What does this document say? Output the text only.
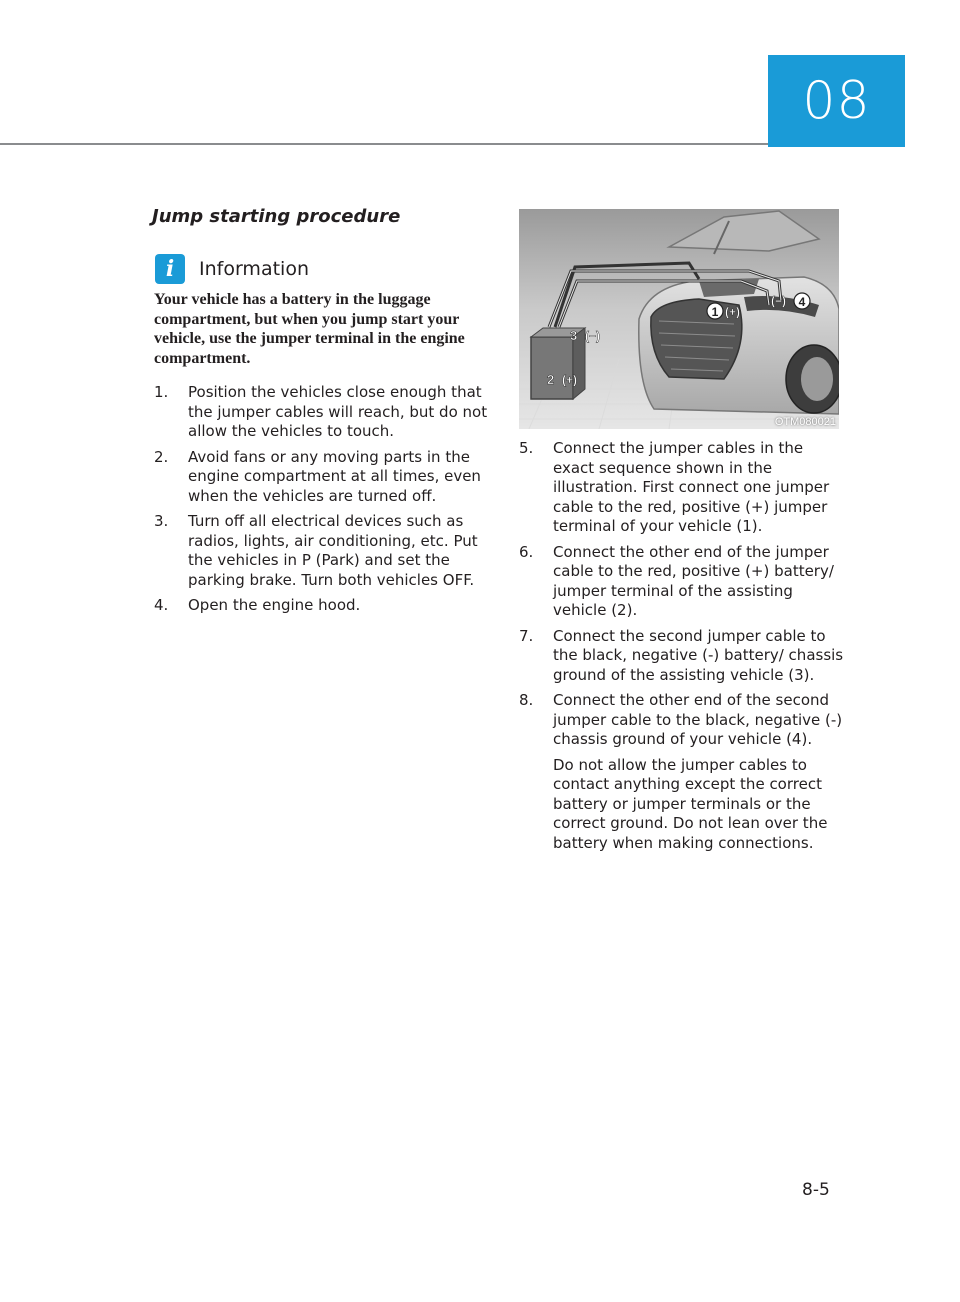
08
Jump starting procedure
i	Information
Your vehicle has a battery in the luggage compartment, but when you jump start your vehicle, use the jumper terminal in the engine compartment.
1. Position the vehicles close enough that the jumper cables will reach, but do not allow the vehicles to touch.
2. Avoid fans or any moving parts in the engine compartment at all times, even when the vehicles are turned off.
3. Turn off all electrical devices such as radios, lights, air conditioning, etc. Put the vehicles in P (Park) and set the parking brake. Turn both vehicles OFF.
4. Open the engine hood.
1 (+)
(−) 4
3 (−)
2 (+)
OTM080021
5. Connect the jumper cables in the exact sequence shown in the illustration. First connect one jumper cable to the red, positive (+) jumper terminal of your vehicle (1).
6. Connect the other end of the jumper cable to the red, positive (+) battery/ jumper terminal of the assisting vehicle (2).
7. Connect the second jumper cable to the black, negative (-) battery/ chassis ground of the assisting vehicle (3).
8. Connect the other end of the second jumper cable to the black, negative (-) chassis ground of your vehicle (4).
Do not allow the jumper cables to contact anything except the correct battery or jumper terminals or the correct ground. Do not lean over the battery when making connections.
8-5
